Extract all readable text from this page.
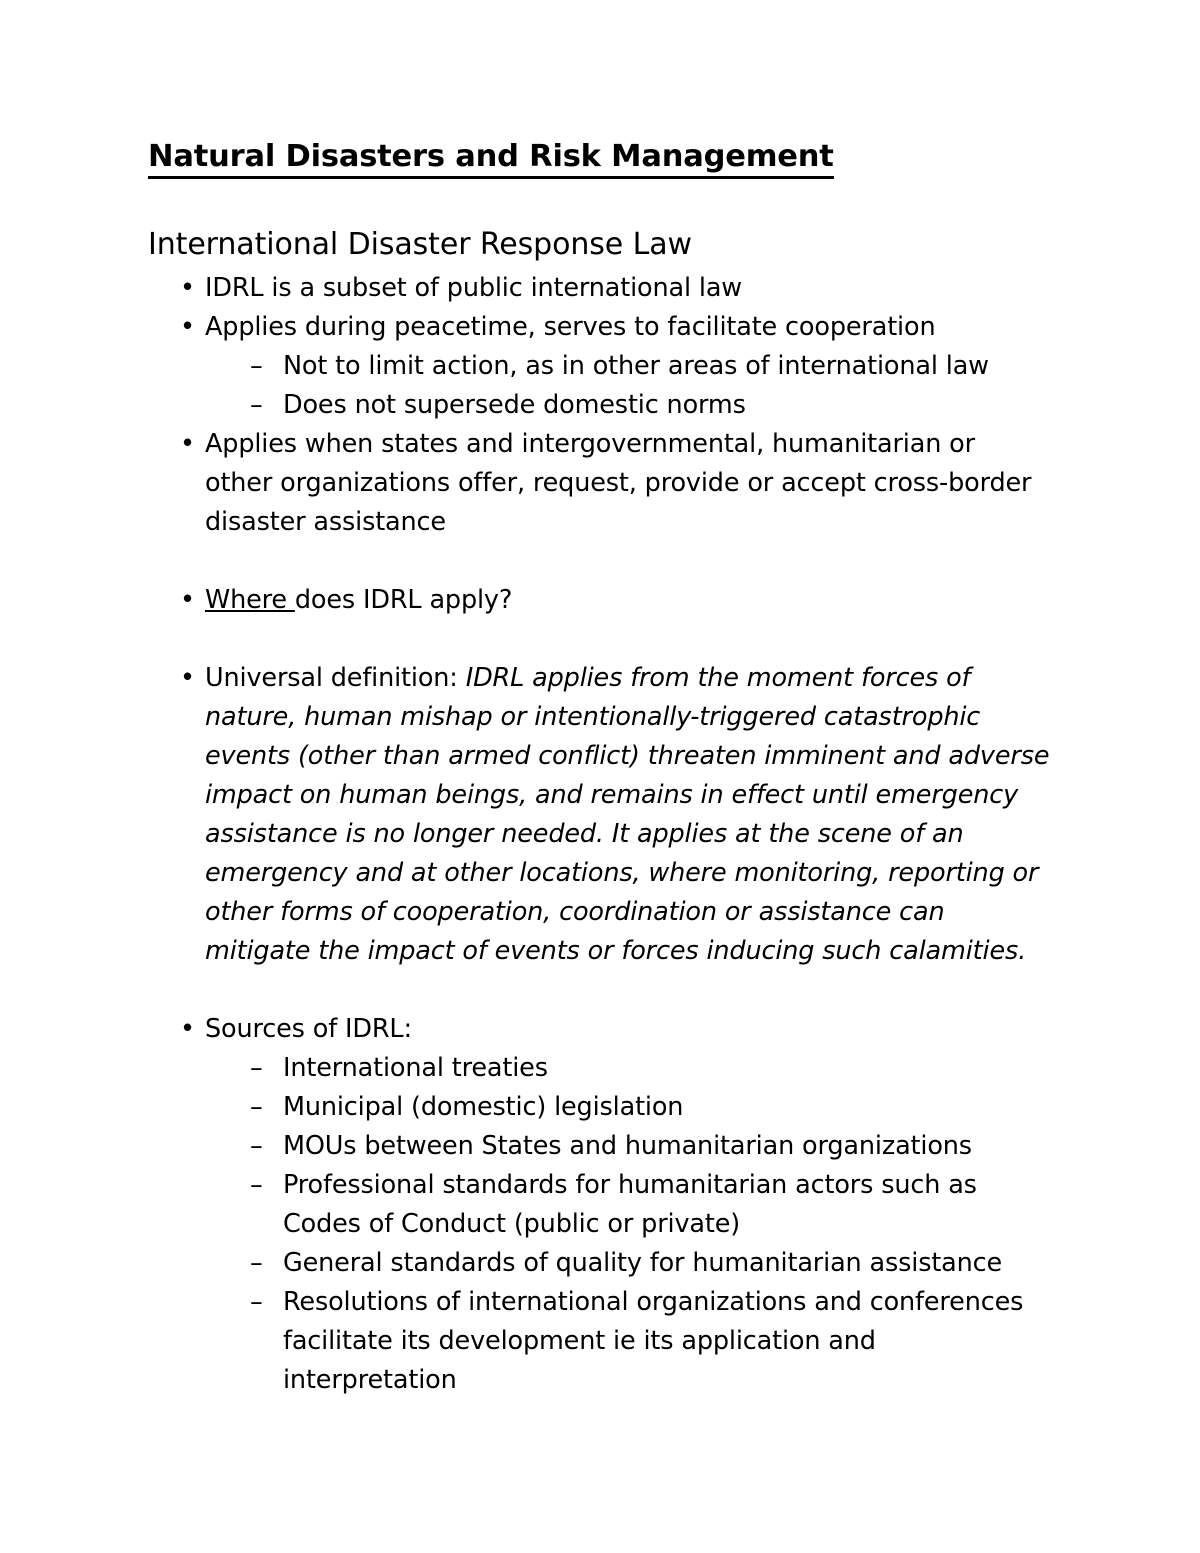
Natural Disasters and Risk Management
International Disaster Response Law
• IDRL is a subset of public international law
• Applies during peacetime, serves to facilitate cooperation
– Not to limit action, as in other areas of international law
– Does not supersede domestic norms
• Applies when states and intergovernmental, humanitarian or other organizations offer, request, provide or accept cross-border disaster assistance

• Where does IDRL apply?

• Universal definition: IDRL applies from the moment forces of nature, human mishap or intentionally-triggered catastrophic events (other than armed conflict) threaten imminent and adverse impact on human beings, and remains in effect until emergency assistance is no longer needed. It applies at the scene of an emergency and at other locations, where monitoring, reporting or other forms of cooperation, coordination or assistance can mitigate the impact of events or forces inducing such calamities.

• Sources of IDRL:
– International treaties
– Municipal (domestic) legislation
– MOUs between States and humanitarian organizations
– Professional standards for humanitarian actors such as Codes of Conduct (public or private)
– General standards of quality for humanitarian assistance
– Resolutions of international organizations and conferences facilitate its development ie its application and interpretation
